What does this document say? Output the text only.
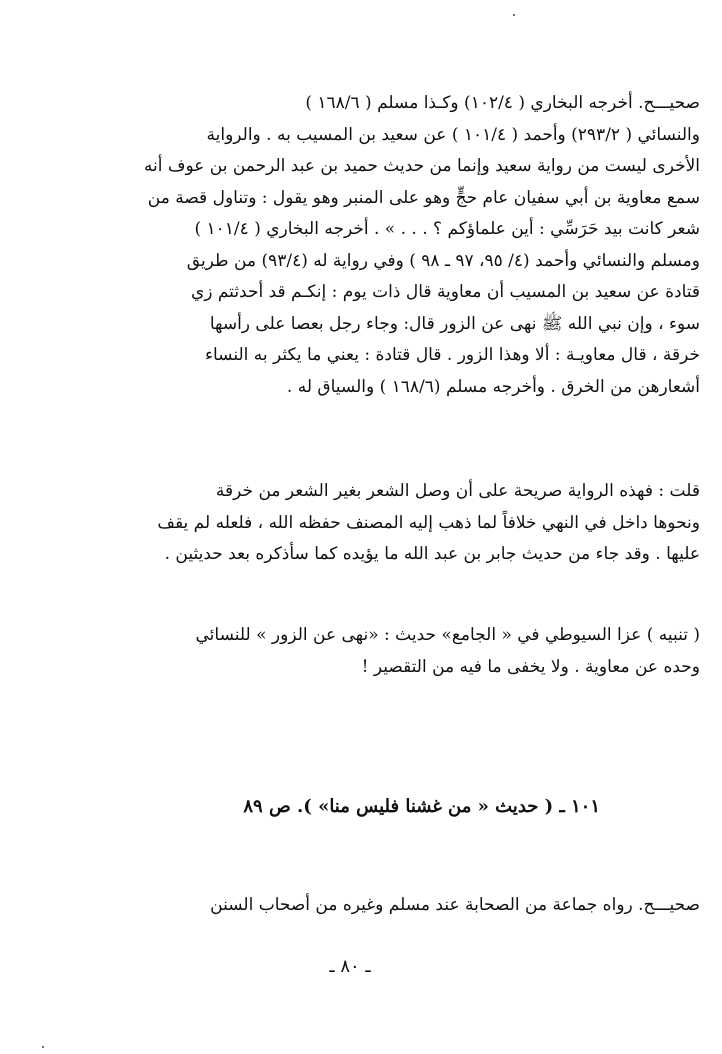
صحيـــح. أخرجه البخاري ( ١٠٢/٤) وكـذا مسلم ( ١٦٨/٦ )
والنسائي ( ٢٩٣/٢) وأحمد ( ١٠١/٤ ) عن سعيد بن المسيب به . والرواية
الأخرى ليست من رواية سعيد وإنما من حديث حميد بن عبد الرحمن بن عوف أنه
سمع معاوية بن أبي سفيان عام حجٍّ وهو على المنبر وهو يقول : وتناول قصة من
شعر كانت بيد حَرَسِّي : أين علماؤكم ؟ . . . » . أخرجه البخاري ( ١٠١/٤ )
ومسلم والنسائي وأحمد (٤/ ٩٥، ٩٧ ـ ٩٨ ) وفي رواية له (٩٣/٤) من طريق
قتادة عن سعيد بن المسيب أن معاوية قال ذات يوم : إنكـم قد أحدثتم زي
سوء ، وإن نبي الله ﷺ نهى عن الزور قال: وجاء رجل بعصا على رأسها
خرقة ، قال معاويـة : ألا وهذا الزور . قال قتادة : يعني ما يكثر به النساء
أشعارهن من الخرق . وأخرجه مسلم (١٦٨/٦ ) والسياق له .
قلت : فهذه الرواية صريحة على أن وصل الشعر بغير الشعر من خرقة
ونحوها داخل في النهي خلافاً لما ذهب إليه المصنف حفظه الله ، فلعله لم يقف
عليها . وقد جاء من حديث جابر بن عبد الله ما يؤيده كما سأذكره بعد حديثين .
( تنبيه ) عزا السيوطي في « الجامع» حديث : «نهى عن الزور » للنسائي
وحده عن معاوية . ولا يخفى ما فيه من التقصير !
١٠١ ـ ( حديث « من غشنا فليس منا» ). ص ٨٩
صحيـــح. رواه جماعة من الصحابة عند مسلم وغيره من أصحاب السنن
ـ ٨٠ ـ
